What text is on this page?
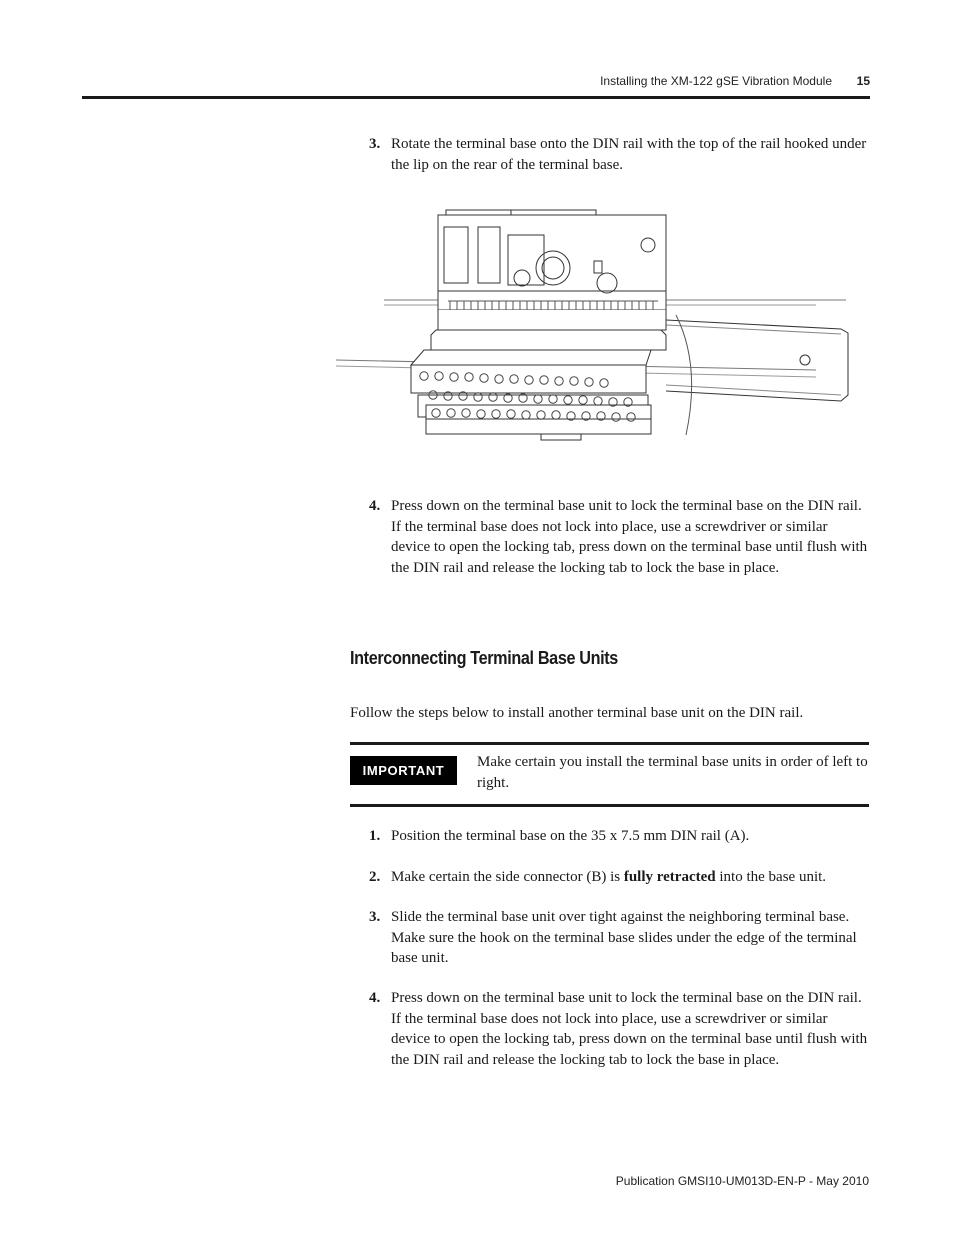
Installing the XM-122 gSE Vibration Module 15
3. Rotate the terminal base onto the DIN rail with the top of the rail hooked under the lip on the rear of the terminal base.
4. Press down on the terminal base unit to lock the terminal base on the DIN rail. If the terminal base does not lock into place, use a screwdriver or similar device to open the locking tab, press down on the terminal base until flush with the DIN rail and release the locking tab to lock the base in place.
Interconnecting Terminal Base Units
Follow the steps below to install another terminal base unit on the DIN rail.
IMPORTANT
Make certain you install the terminal base units in order of left to right.
1. Position the terminal base on the 35 x 7.5 mm DIN rail (A).
2. Make certain the side connector (B) is fully retracted into the base unit.
3. Slide the terminal base unit over tight against the neighboring terminal base. Make sure the hook on the terminal base slides under the edge of the terminal base unit.
4. Press down on the terminal base unit to lock the terminal base on the DIN rail. If the terminal base does not lock into place, use a screwdriver or similar device to open the locking tab, press down on the terminal base until flush with the DIN rail and release the locking tab to lock the base in place.
Publication GMSI10-UM013D-EN-P - May 2010
